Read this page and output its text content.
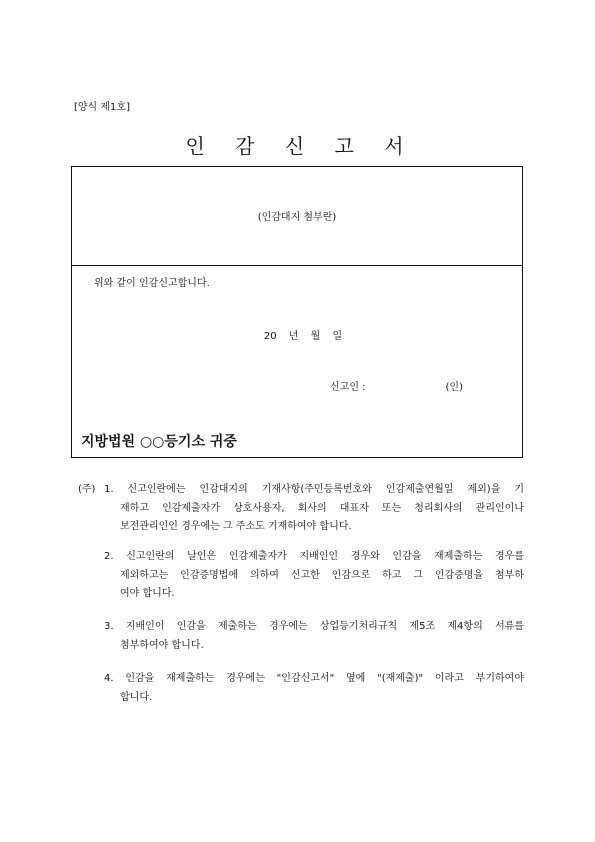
[양식 제1호]
인 감 신 고 서
(인감대지 첨부란)
위와 같이 인감신고합니다.
20 년 월 일
신고인 :	(인)
지방법원 ○○등기소 귀중
(주) 1. 신고인란에는 인감대지의 기재사항(주민등록번호와 인감제출연월일 제외)을 기
재하고 인감제출자가 상호사용자, 회사의 대표자 또는 청리회사의 관리인이나
보전관리인인 경우에는 그 주소도 기재하여야 합니다.
2. 신고인란의 날인은 인감제출자가 지배인인 경우와 인감을 재제출하는 경우를
제외하고는 인감증명법에 의하여 신고한 인감으로 하고 그 인감증명을 첨부하
여야 합니다.
3. 지배인이 인감을 제출하는 경우에는 상업등기처리규칙 제5조 제4항의 서류를
첨부하여야 합니다.
4. 인감을 재제출하는 경우에는 "인감신고서" 옆에 "(재제출)" 이라고 부기하여야
합니다.
